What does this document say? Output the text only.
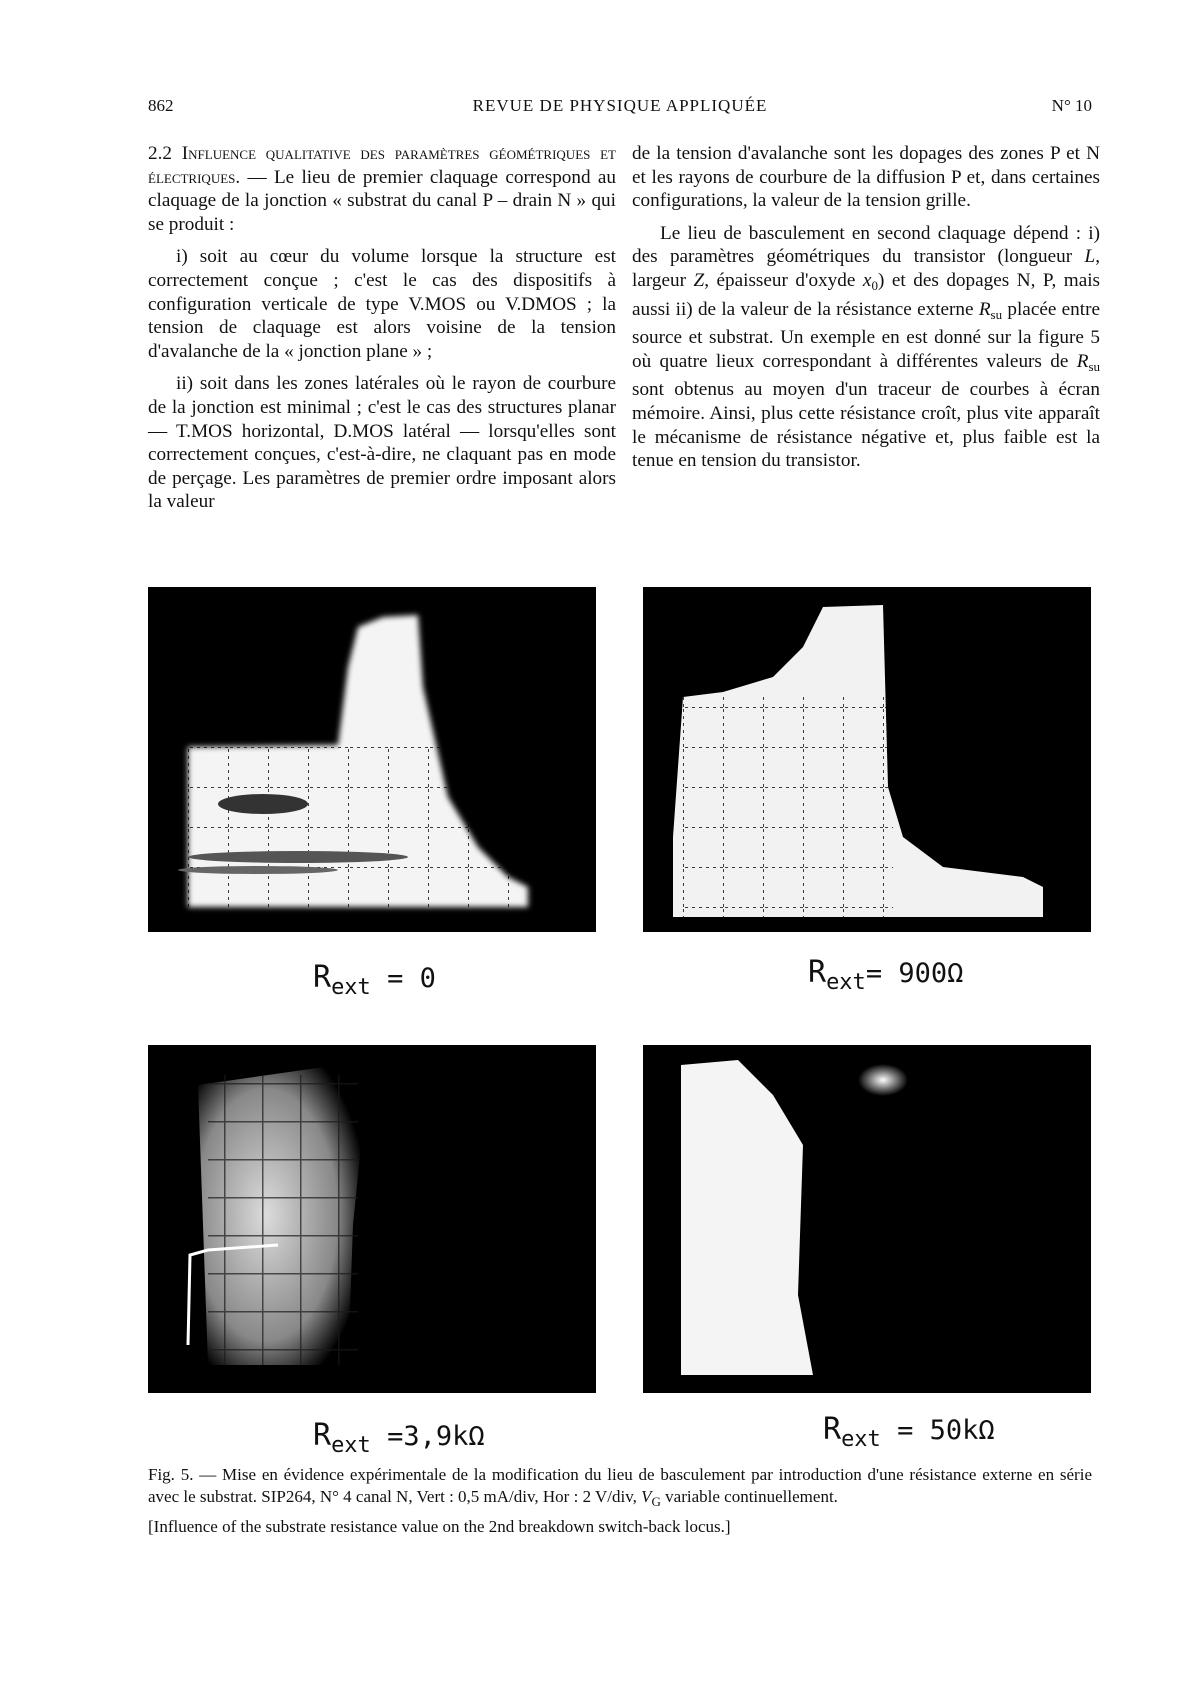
862	REVUE DE PHYSIQUE APPLIQUÉE	N° 10

2.2 Influence qualitative des paramètres géométriques et électriques. — Le lieu de premier claquage correspond au claquage de la jonction « substrat du canal P – drain N » qui se produit :

i) soit au cœur du volume lorsque la structure est correctement conçue ; c'est le cas des dispositifs à configuration verticale de type V.MOS ou V.DMOS ; la tension de claquage est alors voisine de la tension d'avalanche de la « jonction plane » ;

ii) soit dans les zones latérales où le rayon de courbure de la jonction est minimal ; c'est le cas des structures planar — T.MOS horizontal, D.MOS latéral — lorsqu'elles sont correctement conçues, c'est-à-dire, ne claquant pas en mode de perçage. Les paramètres de premier ordre imposant alors la valeur

de la tension d'avalanche sont les dopages des zones P et N et les rayons de courbure de la diffusion P et, dans certaines configurations, la valeur de la tension grille.

Le lieu de basculement en second claquage dépend : i) des paramètres géométriques du transistor (longueur L, largeur Z, épaisseur d'oxyde $x_0$) et des dopages N, P, mais aussi ii) de la valeur de la résistance externe $R_{su}$ placée entre source et substrat. Un exemple en est donné sur la figure 5 où quatre lieux correspondant à différentes valeurs de $R_{su}$ sont obtenus au moyen d'un traceur de courbes à écran mémoire. Ainsi, plus cette résistance croît, plus vite apparaît le mécanisme de résistance négative et, plus faible est la tenue en tension du transistor.

$R_{ext} = 0$	$R_{ext}= 900\Omega$
$R_{ext} =3,9k\Omega$	$R_{ext} = 50k\Omega$
Fig. 5. — Mise en évidence expérimentale de la modification du lieu de basculement par introduction d'une résistance externe en série avec le substrat. SIP264, N° 4 canal N, Vert : 0,5 mA/div, Hor : 2 V/div, $V_G$ variable continuellement.
[Influence of the substrate resistance value on the 2nd breakdown switch-back locus.]
